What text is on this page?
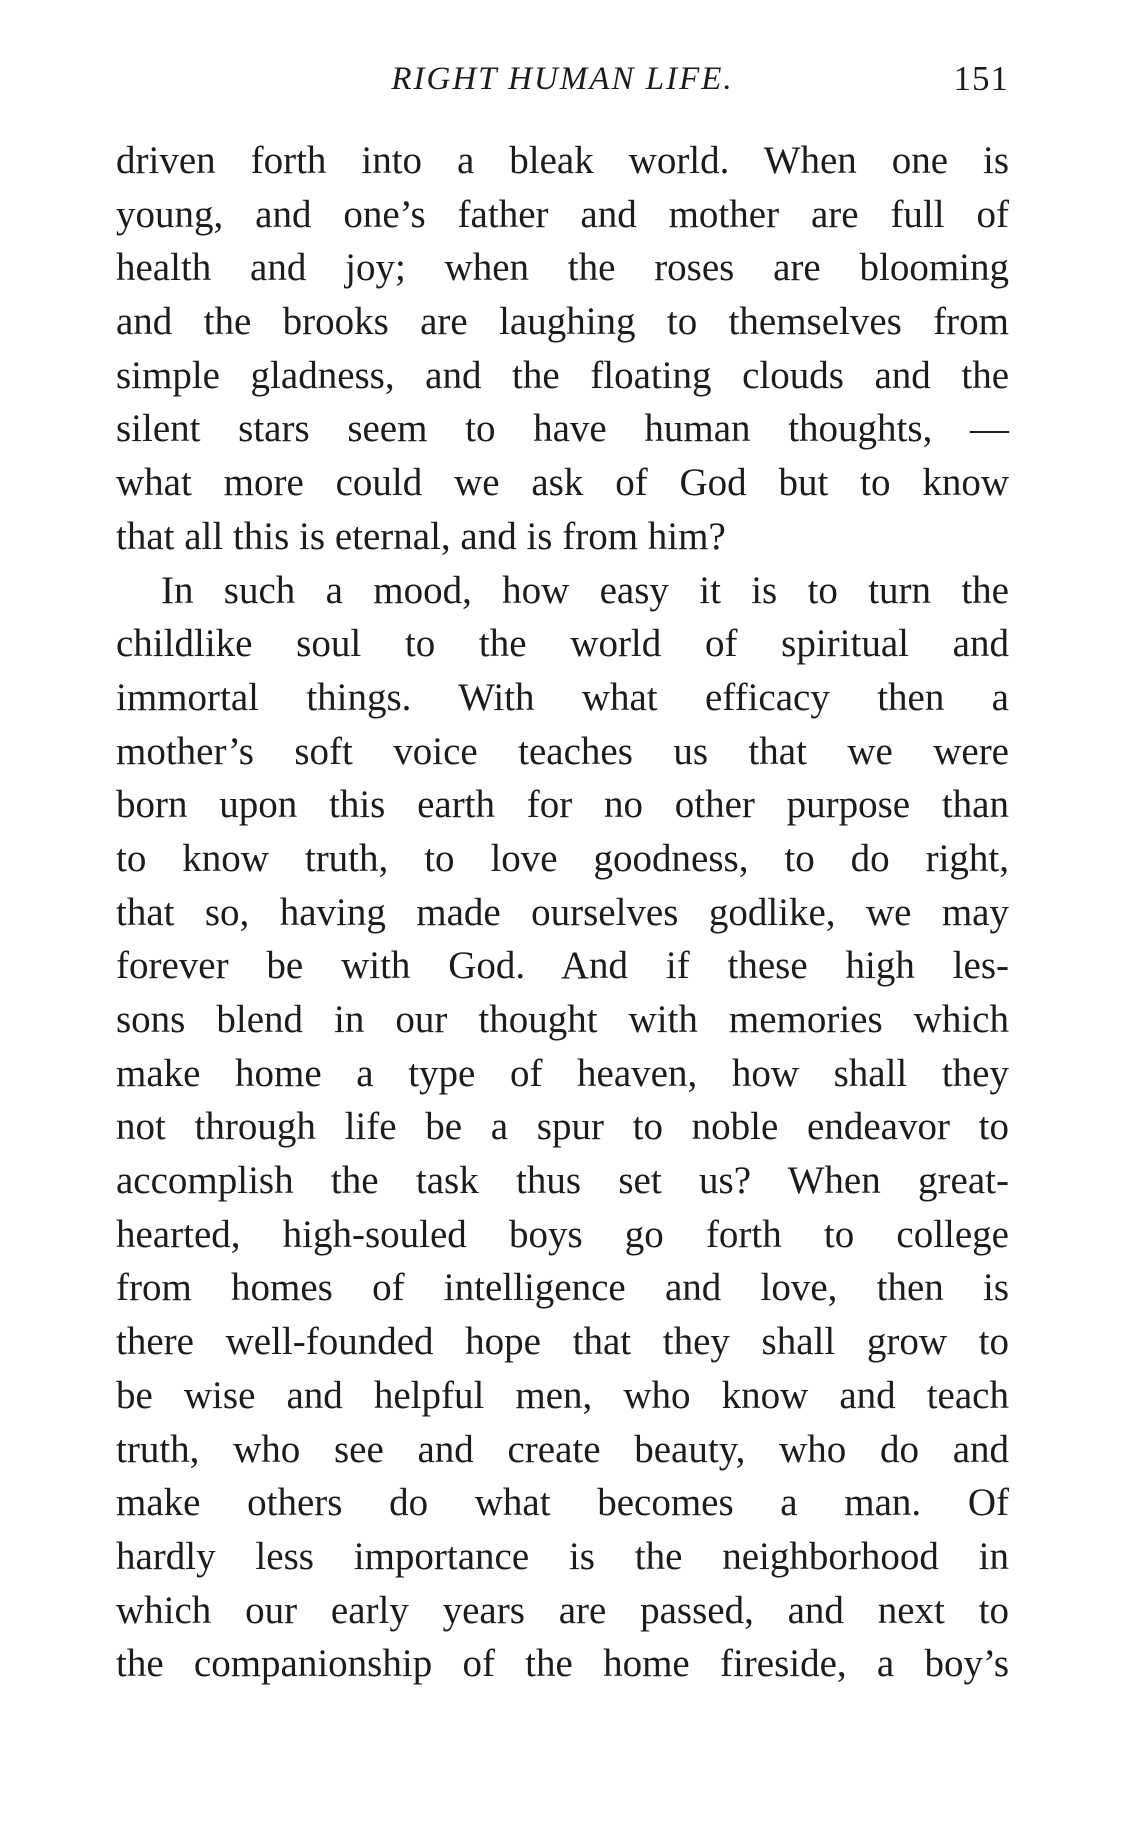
RIGHT HUMAN LIFE.	151
driven forth into a bleak world. When one is
young, and one’s father and mother are full of
health and joy; when the roses are blooming
and the brooks are laughing to themselves from
simple gladness, and the floating clouds and the
silent stars seem to have human thoughts, —
what more could we ask of God but to know
that all this is eternal, and is from him?
In such a mood, how easy it is to turn the
childlike soul to the world of spiritual and
immortal things. With what efficacy then a
mother’s soft voice teaches us that we were
born upon this earth for no other purpose than
to know truth, to love goodness, to do right,
that so, having made ourselves godlike, we may
forever be with God. And if these high les-
sons blend in our thought with memories which
make home a type of heaven, how shall they
not through life be a spur to noble endeavor to
accomplish the task thus set us? When great-
hearted, high-souled boys go forth to college
from homes of intelligence and love, then is
there well-founded hope that they shall grow to
be wise and helpful men, who know and teach
truth, who see and create beauty, who do and
make others do what becomes a man. Of
hardly less importance is the neighborhood in
which our early years are passed, and next to
the companionship of the home fireside, a boy’s
